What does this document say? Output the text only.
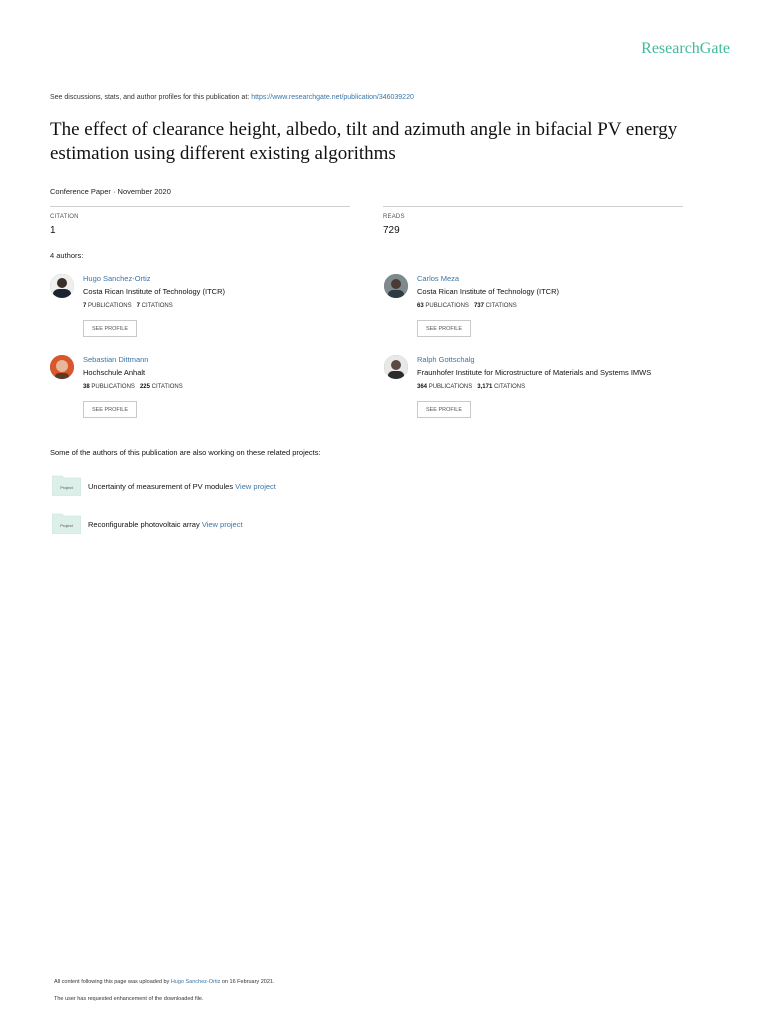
ResearchGate
See discussions, stats, and author profiles for this publication at: https://www.researchgate.net/publication/346039220
The effect of clearance height, albedo, tilt and azimuth angle in bifacial PV energy estimation using different existing algorithms
Conference Paper · November 2020
CITATION
1
READS
729
4 authors:
Hugo Sanchez-Ortiz
Costa Rican Institute of Technology (ITCR)
7 PUBLICATIONS 7 CITATIONS
SEE PROFILE
Carlos Meza
Costa Rican Institute of Technology (ITCR)
63 PUBLICATIONS 737 CITATIONS
SEE PROFILE
Sebastian Dittmann
Hochschule Anhalt
38 PUBLICATIONS 225 CITATIONS
SEE PROFILE
Ralph Gottschalg
Fraunhofer Institute for Microstructure of Materials and Systems IMWS
364 PUBLICATIONS 3,171 CITATIONS
SEE PROFILE
Some of the authors of this publication are also working on these related projects:
Project Uncertainty of measurement of PV modules View project
Project Reconfigurable photovoltaic array View project
All content following this page was uploaded by Hugo Sanchez-Ortiz on 16 February 2021.
The user has requested enhancement of the downloaded file.
